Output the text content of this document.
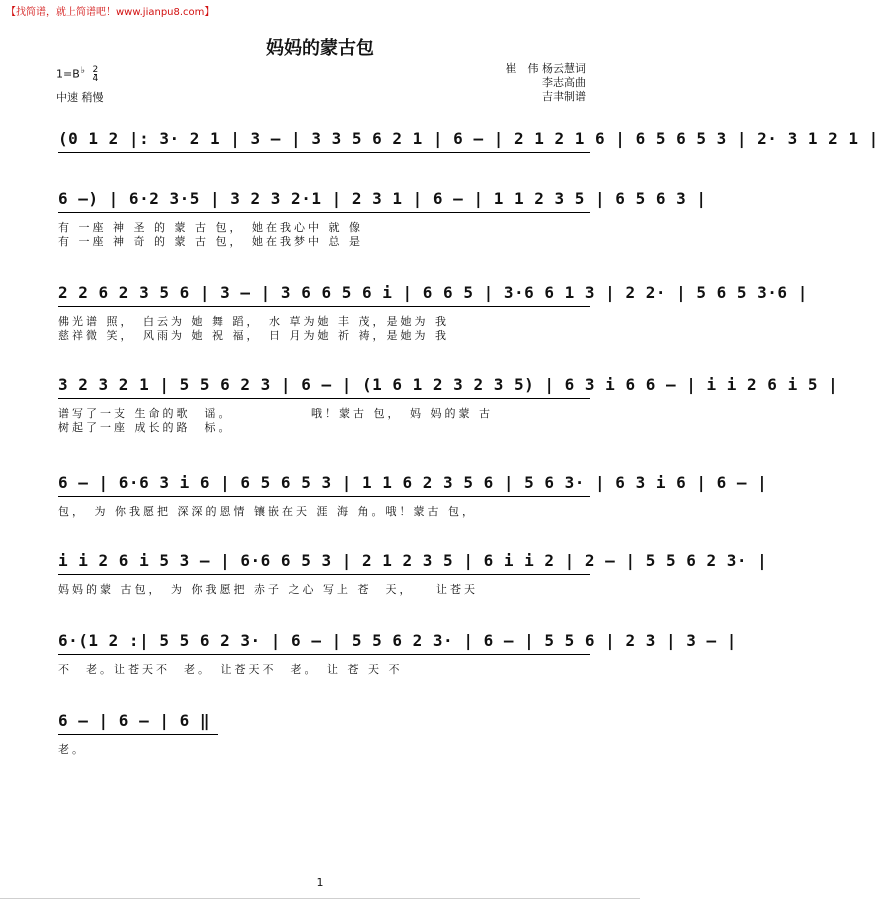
【找简谱，就上简谱吧！www.jianpu8.com】
妈妈的蒙古包
$1=B^♭ \frac{2}{4}$
中速 稍慢
崔　伟 杨云慧词
李志高曲
吉聿制谱
(0 1 2 |: 3· 2 1 | 3 — | 3 3 5 6 2 1 | 6 — | 2 1 2 1 6 | 6 5 6 5 3 | 2· 3 1 2 1 |
6 —) | 6·2 3·5 | 3 2 3 2·1 | 2 3 1 | 6 — | 1 1 2 3 5 | 6 5 6 3 |
有 一座 神 圣 的 蒙 古 包，　她在我心中 就 像
有 一座 神 奇 的 蒙 古 包，　她在我梦中 总 是
2 2 6 2 3 5 6 | 3 — | 3 6 6 5 6 i | 6 6 5 | 3·6 6 1 3 | 2 2· | 5 6 5 3·6 |
佛光谱 照，　白云为 她 舞 蹈，　水 草为她 丰 茂，是她为 我
慈祥微 笑，　风雨为 她 祝 福，　日 月为她 祈 祷，是她为 我
3 2 3 2 1 | 5 5 6 2 3 | 6 — | (1 6 1 2 3 2 3 5) | 6 3 i 6 6 — | i i 2 6 i 5 |
谱写了一支 生命的歌　谣。　　　　　　哦！蒙古 包，　妈 妈的蒙 古
树起了一座 成长的路　标。
6 — | 6·6 3 i 6 | 6 5 6 5 3 | 1 1 6 2 3 5 6 | 5 6 3· | 6 3 i 6 | 6 — |
包，　为 你我愿把 深深的恩情 镶嵌在天 涯 海 角。哦！蒙古 包，
i i 2 6 i 5 3 — | 6·6 6 5 3 | 2 1 2 3 5 | 6 i i 2 | 2 — | 5 5 6 2 3· |
妈妈的蒙 古包，　为 你我愿把 赤子 之心 写上 苍　天，　　让苍天
6·(1 2 :| 5 5 6 2 3· | 6 — | 5 5 6 2 3· | 6 — | 5 5 6 | 2 3 | 3 — |
不　老。让苍天不　老。　让苍天不　老。　让 苍 天 不
6 — | 6 — | 6 ‖
老。
1
